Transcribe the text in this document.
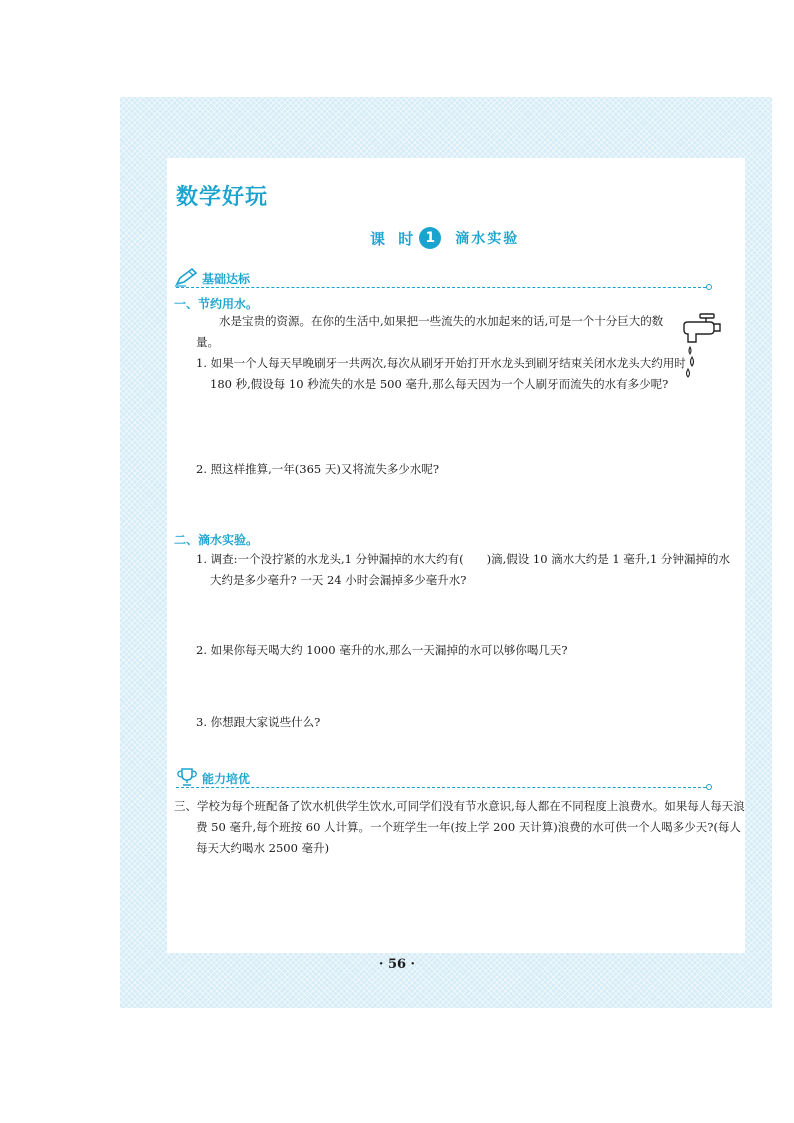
数学好玩
课 时 1	滴水实验
基础达标
一、节约用水。
水是宝贵的资源。在你的生活中,如果把一些流失的水加起来的话,可是一个十分巨大的数量。
1. 如果一个人每天早晚刷牙一共两次,每次从刷牙开始打开水龙头到刷牙结束关闭水龙头大约用时 180 秒,假设每 10 秒流失的水是 500 毫升,那么每天因为一个人刷牙而流失的水有多少呢?
2. 照这样推算,一年(365 天)又将流失多少水呢?
二、滴水实验。
1. 调查:一个没拧紧的水龙头,1 分钟漏掉的水大约有(　　)滴,假设 10 滴水大约是 1 毫升,1 分钟漏掉的水大约是多少毫升? 一天 24 小时会漏掉多少毫升水?
2. 如果你每天喝大约 1000 毫升的水,那么一天漏掉的水可以够你喝几天?
3. 你想跟大家说些什么?
能力培优
三、学校为每个班配备了饮水机供学生饮水,可同学们没有节水意识,每人都在不同程度上浪费水。如果每人每天浪费 50 毫升,每个班按 60 人计算。一个班学生一年(按上学 200 天计算)浪费的水可供一个人喝多少天?(每人每天大约喝水 2500 毫升)
· 56 ·
